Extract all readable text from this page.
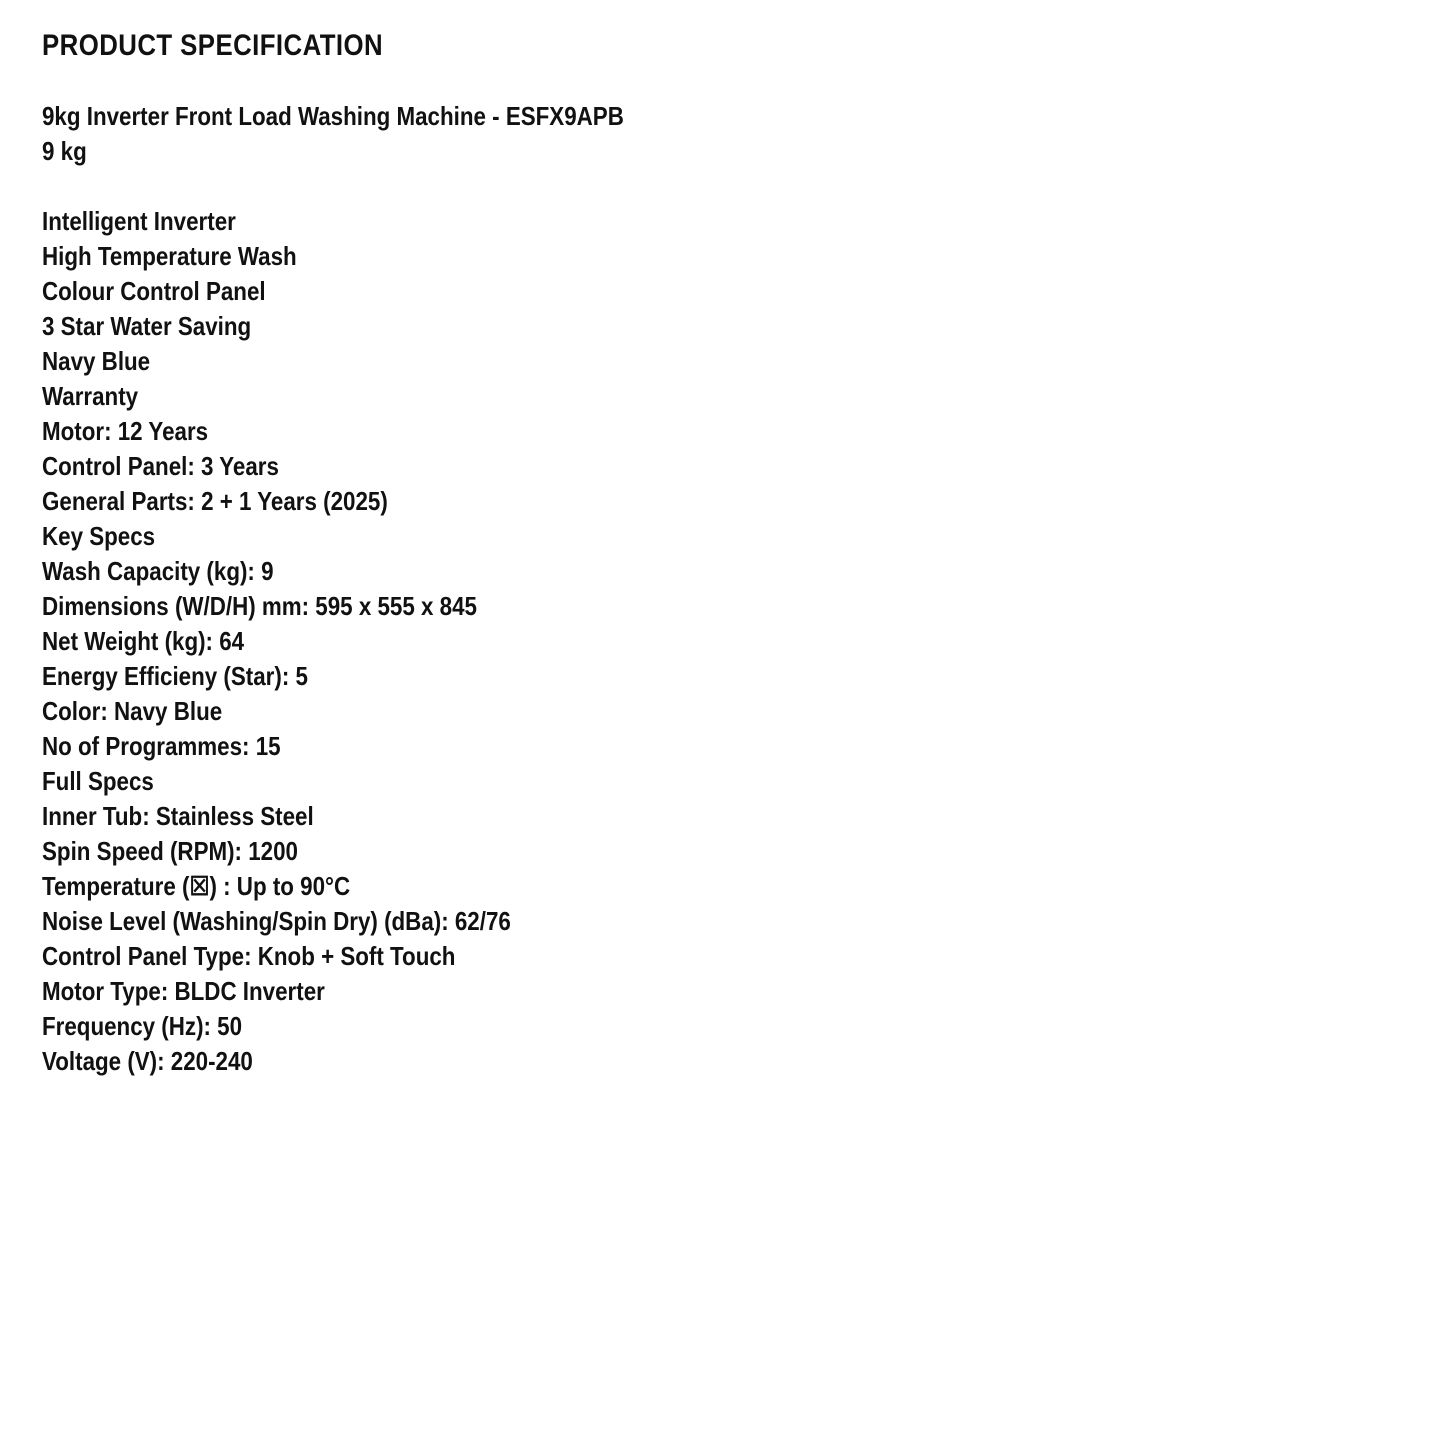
PRODUCT SPECIFICATION
9kg Inverter Front Load Washing Machine - ESFX9APB
9 kg
Intelligent Inverter
High Temperature Wash
Colour Control Panel
3 Star Water Saving
Navy Blue
Warranty
Motor: 12 Years
Control Panel: 3 Years
General Parts: 2 + 1 Years (2025)
Key Specs
Wash Capacity (kg): 9
Dimensions (W/D/H) mm: 595 x 555 x 845
Net Weight (kg): 64
Energy Efficieny (Star): 5
Color: Navy Blue
No of Programmes: 15
Full Specs
Inner Tub: Stainless Steel
Spin Speed (RPM): 1200
Temperature (☒) : Up to 90°C
Noise Level (Washing/Spin Dry) (dBa): 62/76
Control Panel Type: Knob + Soft Touch
Motor Type: BLDC Inverter
Frequency (Hz): 50
Voltage (V): 220-240
